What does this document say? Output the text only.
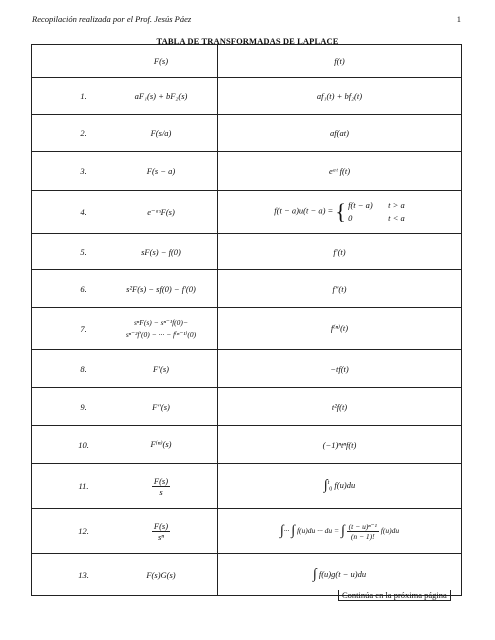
Recopilación realizada por el Prof. Jesús Páez	1
TABLA DE TRANSFORMADAS DE LAPLACE
	F(s)	f(t)
1.	aF₁(s) + bF₂(s)	af₁(t) + bf₂(t)
2.	F(s/a)	af(at)
3.	F(s − a)	eᵃᵗ f(t)
4.	e⁻ᵃˢF(s)	f(t − a)u(t − a) = { f(t − a) t > a
0 t < a
5.	sF(s) − f(0)	f′(t)
6.	s²F(s) − sf(0) − f′(0)	f″(t)
7.	sⁿF(s) − sⁿ⁻¹f(0)−
sⁿ⁻²f′(0) − ··· − f⁽ⁿ⁻¹⁾(0)	f⁽ⁿ⁾(t)
8.	F′(s)	−tf(t)
9.	F″(s)	t²f(t)
10.	F⁽ⁿ⁾(s)	(−1)ⁿtⁿf(t)
11.	$\frac{F(s)}{s}$	∫$^t_0$ f(u)du
12.	$\frac{F(s)}{\text{sⁿ}}$	∫··· ∫ f(u)du ··· du = ∫ $\frac{\text{(t − u)ⁿ⁻¹}}{(n - 1)!} f(u)du$
13.	F(s)G(s)	∫ f(u)g(t − u)du
Continúa en la próxima página
